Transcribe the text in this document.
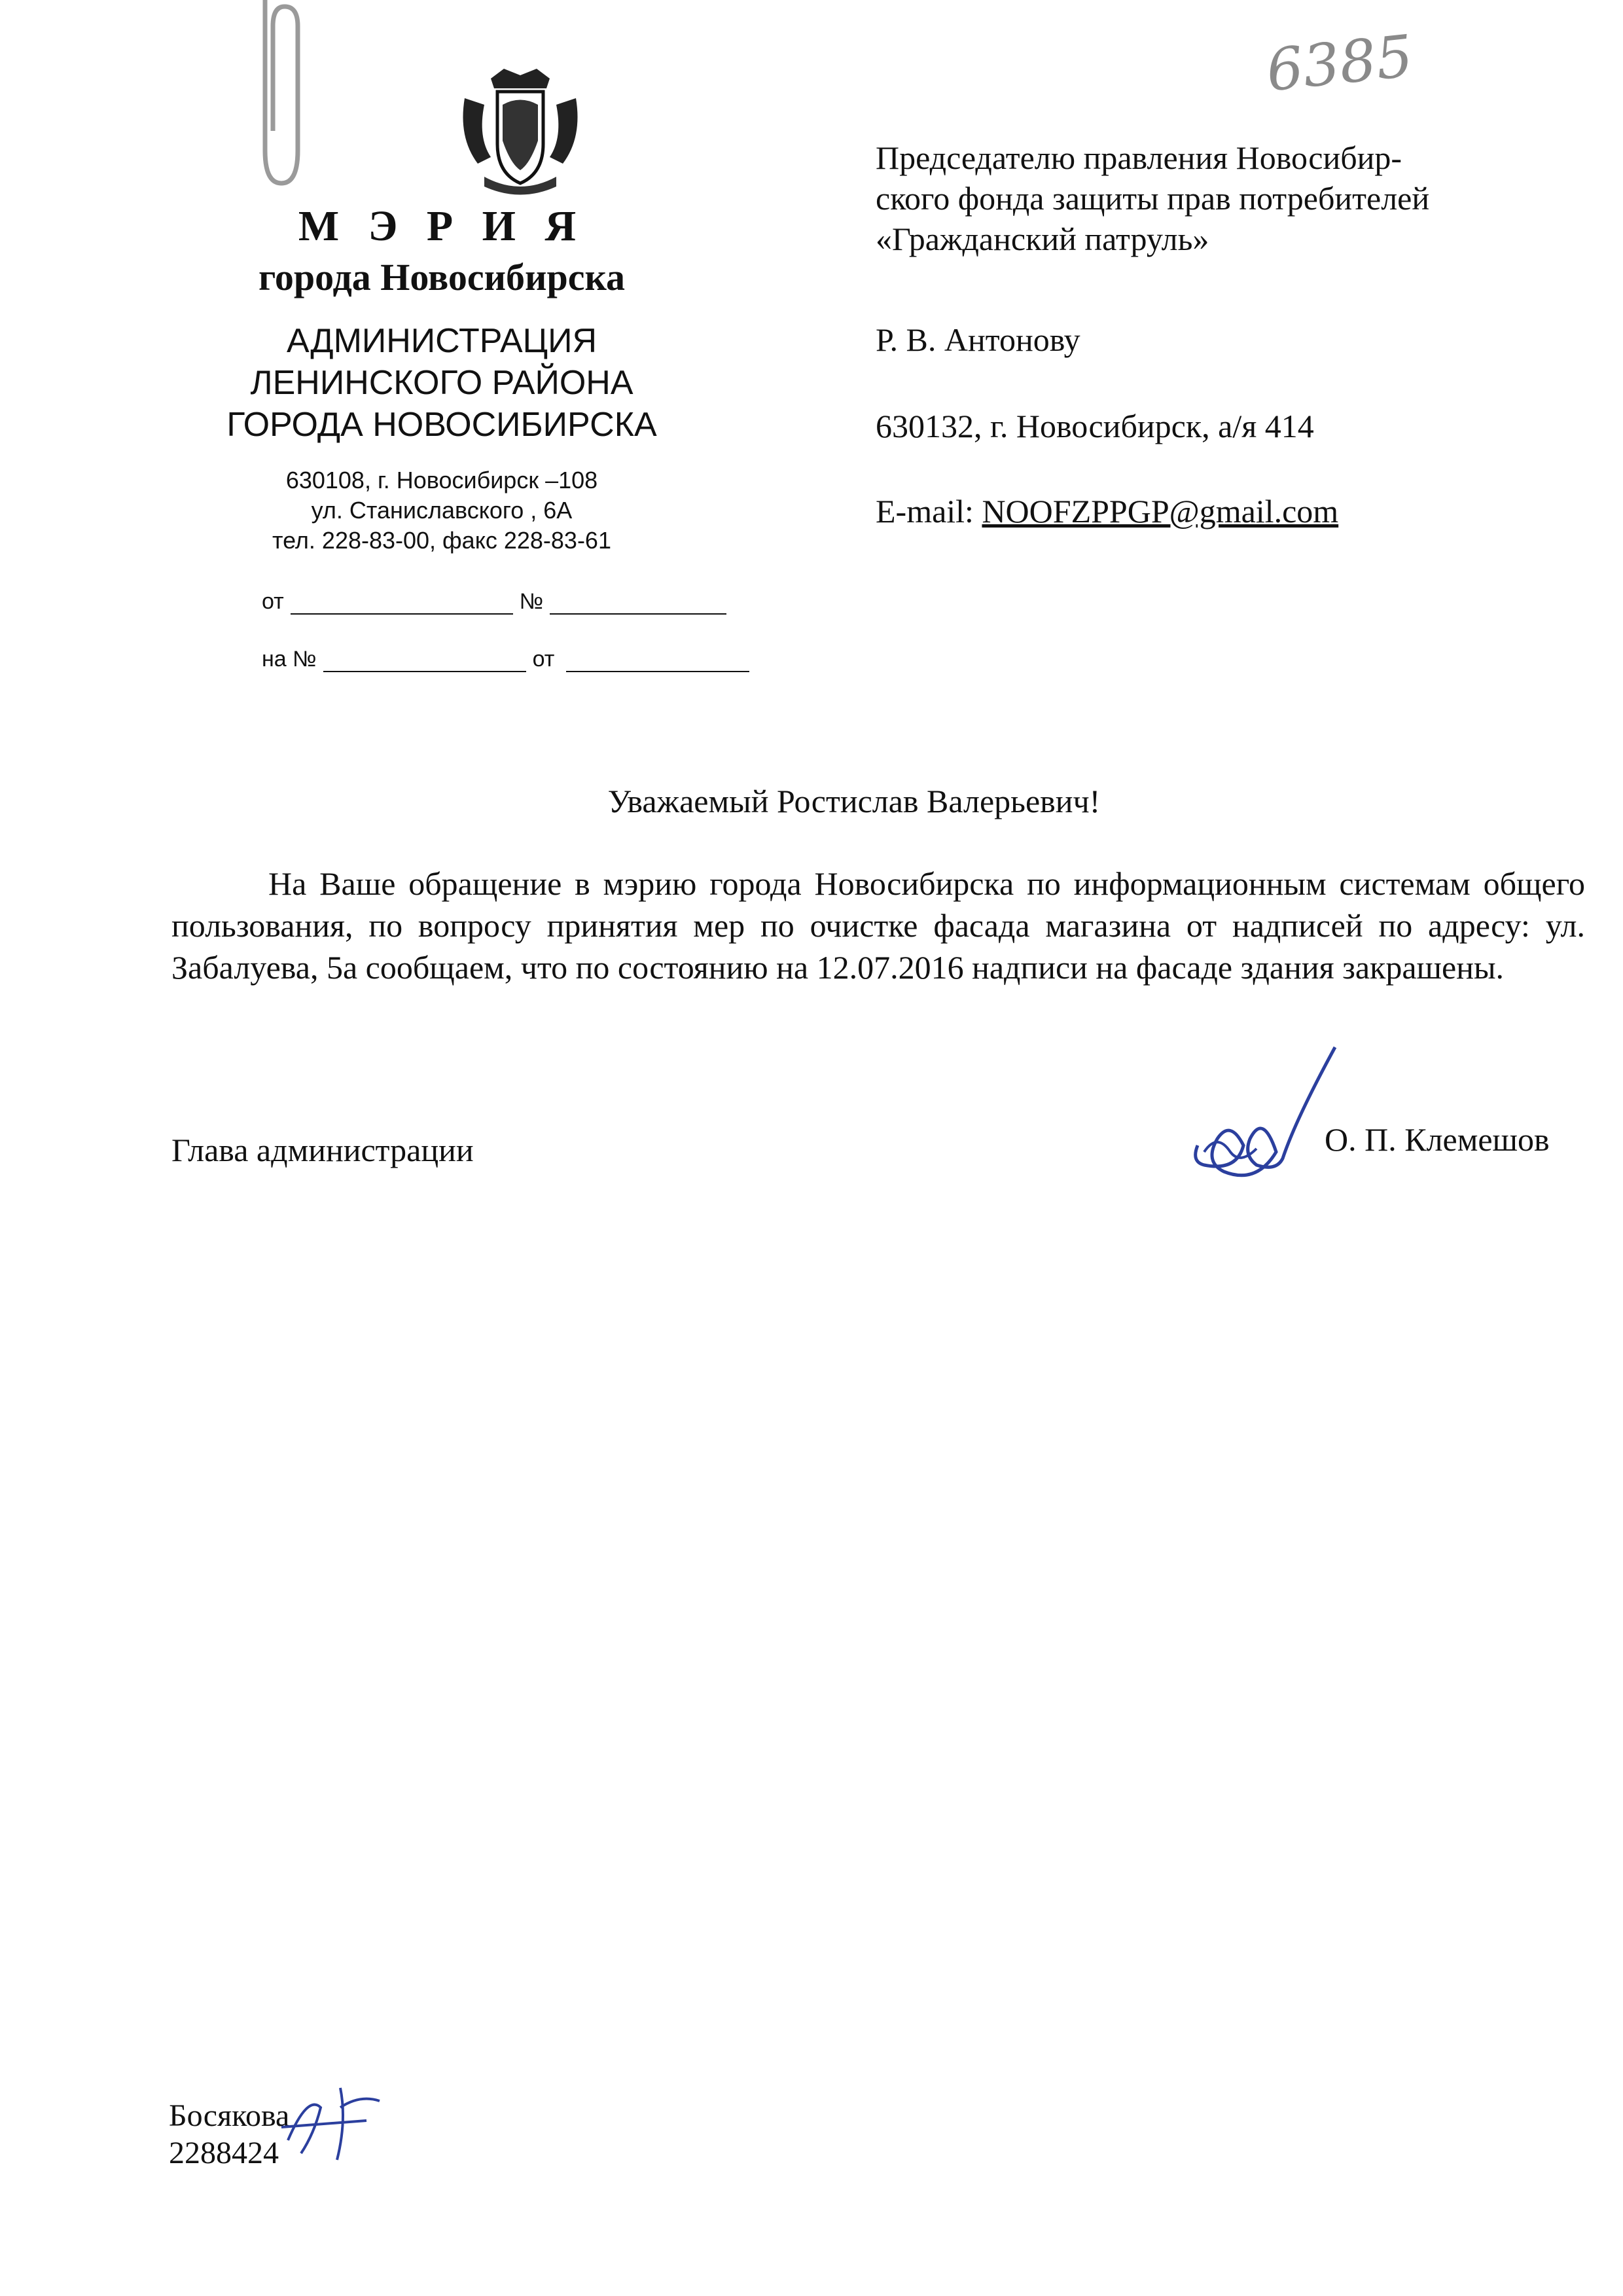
М Э Р И Я
города Новосибирска
АДМИНИСТРАЦИЯ
ЛЕНИНСКОГО РАЙОНА
ГОРОДА НОВОСИБИРСКА
630108, г. Новосибирск –108
ул. Станиславского , 6А
тел. 228-83-00, факс 228-83-61
от	№
на №	от
6385
Председателю правления Новосибир-
ского фонда защиты прав потребителей
«Гражданский патруль»
Р. В. Антонову
630132, г. Новосибирск, а/я 414
E-mail: NOOFZPPGP@gmail.com
Уважаемый Ростислав Валерьевич!
На Ваше обращение в мэрию города Новосибирска по информационным системам общего пользования, по вопросу принятия мер по очистке фасада магазина от надписей по адресу: ул. Забалуева, 5а сообщаем, что по состоянию на 12.07.2016 надписи на фасаде здания закрашены.
Глава администрации	О. П. Клемешов
Босякова
2288424
